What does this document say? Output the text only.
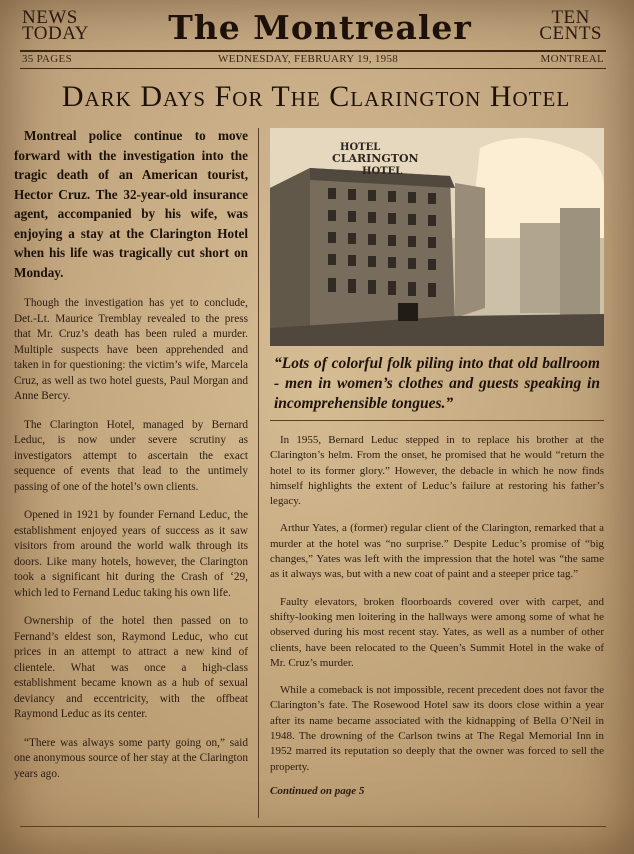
NEWS
TODAY	The Montrealer	TEN
CENTS
35 PAGES	WEDNESDAY, FEBRUARY 19, 1958	MONTREAL
Dark Days For The Clarington Hotel

Montreal police continue to move forward with the investigation into the tragic death of an American tourist, Hector Cruz. The 32-year-old insurance agent, accompanied by his wife, was enjoying a stay at the Clarington Hotel when his life was tragically cut short on Monday.

Though the investigation has yet to conclude, Det.-Lt. Maurice Tremblay revealed to the press that Mr. Cruz’s death has been ruled a murder. Multiple suspects have been apprehended and taken in for questioning: the victim’s wife, Marcela Cruz, as well as two hotel guests, Paul Morgan and Anne Bercy.

The Clarington Hotel, managed by Bernard Leduc, is now under severe scrutiny as investigators attempt to ascertain the exact sequence of events that lead to the untimely passing of one of the hotel’s own clients.

Opened in 1921 by founder Fernand Leduc, the establishment enjoyed years of success as it saw visitors from around the world walk through its doors. Like many hotels, however, the Clarington took a significant hit during the Crash of ‘29, which led to Fernand Leduc taking his own life.

Ownership of the hotel then passed on to Fernand’s eldest son, Raymond Leduc, who cut prices in an attempt to attract a new kind of clientele. What was once a high-class establishment became known as a hub of sexual deviancy and eccentricity, with the offbeat Raymond Leduc as its center.

“There was always some party going on,” said one anonymous source of her stay at the Clarington years ago.

HOTEL
CLARINGTON
HOTEL

“Lots of colorful folk piling into that old ballroom - men in women’s clothes and guests speaking in incomprehensible tongues.”

In 1955, Bernard Leduc stepped in to replace his brother at the Clarington’s helm. From the onset, he promised that he would “return the hotel to its former glory.” However, the debacle in which he now finds himself highlights the extent of Leduc’s failure at restoring his father’s legacy.

Arthur Yates, a (former) regular client of the Clarington, remarked that a murder at the hotel was “no surprise.” Despite Leduc’s promise of “big changes,” Yates was left with the impression that the hotel was “the same as it always was, but with a new coat of paint and a steeper price tag.”

Faulty elevators, broken floorboards covered over with carpet, and shifty-looking men loitering in the hallways were among some of what he observed during his most recent stay. Yates, as well as a number of other clients, have been relocated to the Queen’s Summit Hotel in the wake of Mr. Cruz’s murder.

While a comeback is not impossible, recent precedent does not favor the Clarington’s fate. The Rosewood Hotel saw its doors close within a year after its name became associated with the kidnapping of Bella O’Neil in 1948. The drowning of the Carlson twins at The Regal Memorial Inn in 1952 marred its reputation so deeply that the owner was forced to sell the property.

Continued on page 5
